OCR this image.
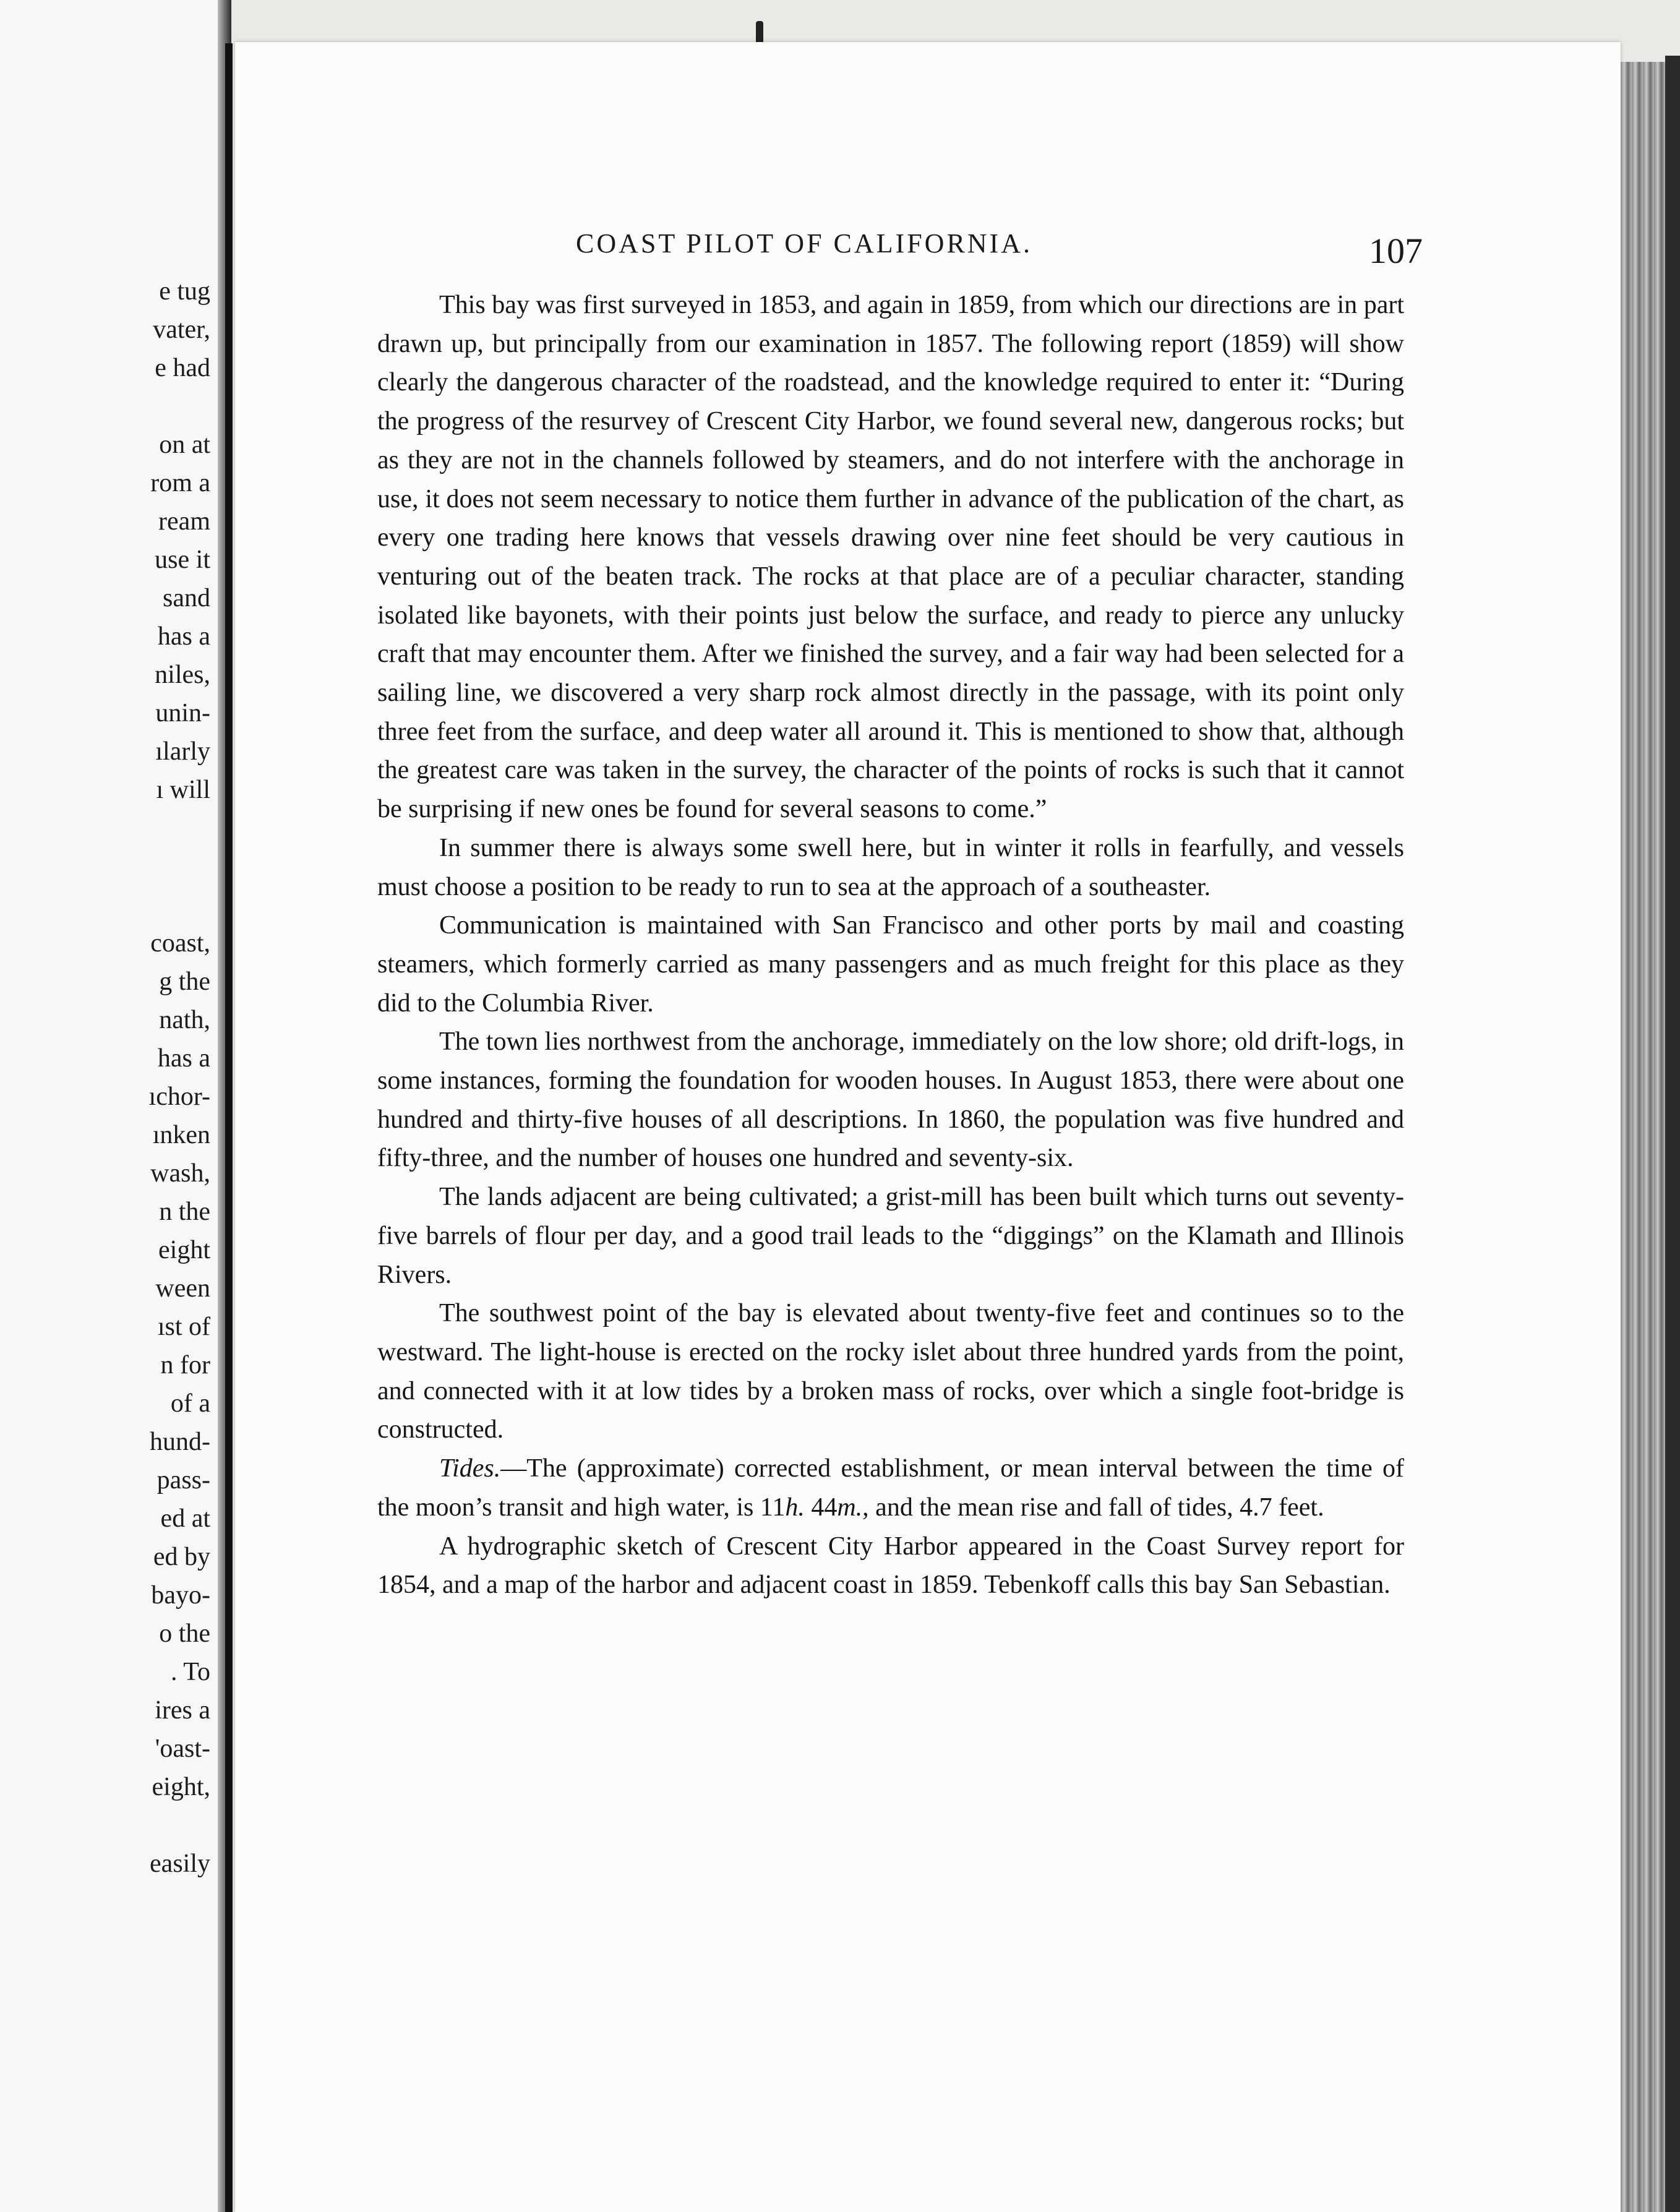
e tug
vater,
e had
on at
rom a
ream
use it
sand
has a
niles,
unin-
ılarly
ı will
coast,
g the
nath,
has a
ıchor-
ınken
wash,
n the
eight
ween
ıst of
n for
of a
hund-
pass-
ed at
ed by
bayo-
o the
. To
ires a
'oast-
eight,
easily
COAST PILOT OF CALIFORNIA.	107

This bay was first surveyed in 1853, and again in 1859, from which our directions are in part drawn up, but principally from our examination in 1857. The following report (1859) will show clearly the dangerous character of the roadstead, and the knowledge required to enter it: “During the progress of the resurvey of Crescent City Harbor, we found several new, dangerous rocks; but as they are not in the channels followed by steamers, and do not interfere with the anchorage in use, it does not seem necessary to notice them further in advance of the publication of the chart, as every one trading here knows that vessels drawing over nine feet should be very cautious in venturing out of the beaten track. The rocks at that place are of a peculiar character, standing isolated like bayonets, with their points just below the surface, and ready to pierce any unlucky craft that may encounter them. After we finished the survey, and a fair way had been selected for a sailing line, we discovered a very sharp rock almost directly in the passage, with its point only three feet from the surface, and deep water all around it. This is mentioned to show that, although the greatest care was taken in the survey, the character of the points of rocks is such that it cannot be surprising if new ones be found for several seasons to come.”

In summer there is always some swell here, but in winter it rolls in fearfully, and vessels must choose a position to be ready to run to sea at the approach of a southeaster.

Communication is maintained with San Francisco and other ports by mail and coasting steamers, which formerly carried as many passengers and as much freight for this place as they did to the Columbia River.

The town lies northwest from the anchorage, immediately on the low shore; old drift-logs, in some instances, forming the foundation for wooden houses. In August 1853, there were about one hundred and thirty-five houses of all descriptions. In 1860, the population was five hundred and fifty-three, and the number of houses one hundred and seventy-six.

The lands adjacent are being cultivated; a grist-mill has been built which turns out seventy-five barrels of flour per day, and a good trail leads to the “diggings” on the Klamath and Illinois Rivers.

The southwest point of the bay is elevated about twenty-five feet and continues so to the westward. The light-house is erected on the rocky islet about three hundred yards from the point, and connected with it at low tides by a broken mass of rocks, over which a single foot-bridge is constructed.

Tides.—The (approximate) corrected establishment, or mean interval between the time of the moon’s transit and high water, is 11h. 44m., and the mean rise and fall of tides, 4.7 feet.

A hydrographic sketch of Crescent City Harbor appeared in the Coast Survey report for 1854, and a map of the harbor and adjacent coast in 1859. Tebenkoff calls this bay San Sebastian.
